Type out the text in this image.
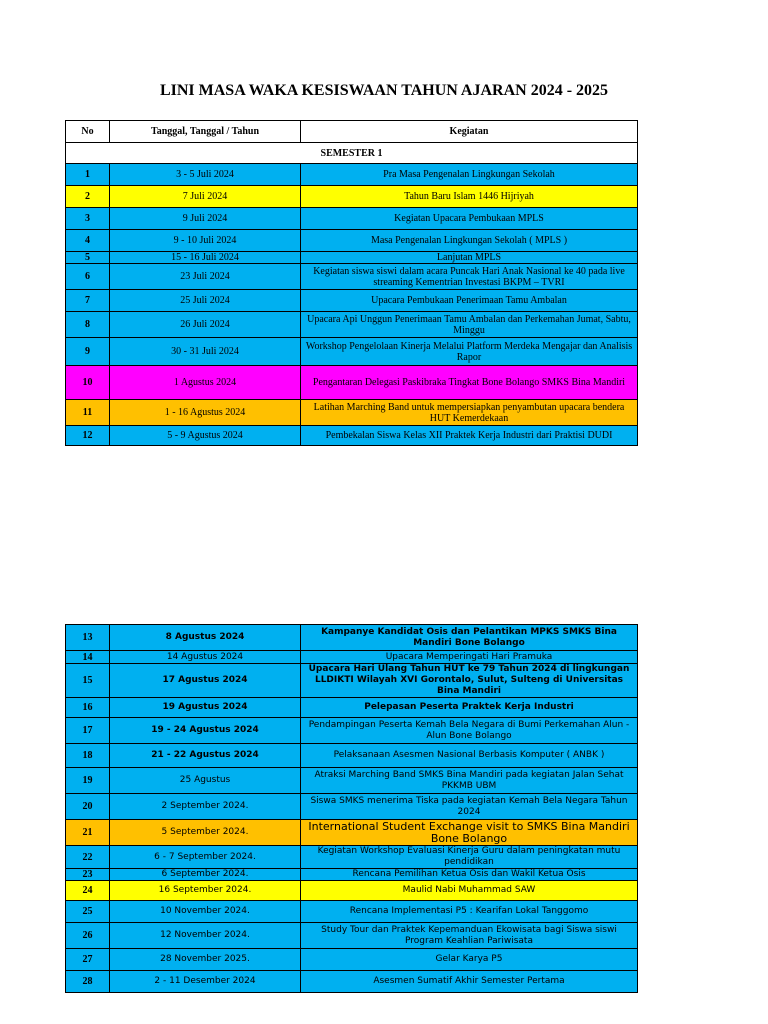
LINI MASA WAKA KESISWAAN TAHUN AJARAN 2024 - 2025
No	Tanggal, Tanggal / Tahun	Kegiatan
SEMESTER 1		
1	3 - 5 Juli 2024	Pra Masa Pengenalan Lingkungan Sekolah
2	7 Juli 2024	Tahun Baru Islam 1446 Hijriyah
3	9 Juli 2024	Kegiatan Upacara Pembukaan MPLS
4	9 - 10 Juli 2024	Masa Pengenalan Lingkungan Sekolah ( MPLS )
5	15 - 16 Juli 2024	Lanjutan MPLS
6	23 Juli 2024	Kegiatan siswa siswi dalam acara Puncak Hari Anak Nasional ke 40 pada live streaming Kementrian Investasi BKPM – TVRI
7	25 Juli 2024	Upacara Pembukaan Penerimaan Tamu Ambalan
8	26 Juli 2024	Upacara Api Unggun Penerimaan Tamu Ambalan dan Perkemahan Jumat, Sabtu, Minggu
9	30 - 31 Juli 2024	Workshop Pengelolaan Kinerja Melalui Platform Merdeka Mengajar dan Analisis Rapor
10	1 Agustus 2024	Pengantaran Delegasi Paskibraka Tingkat Bone Bolango SMKS Bina Mandiri
11	1 - 16 Agustus 2024	Latihan Marching Band untuk mempersiapkan penyambutan upacara bendera HUT Kemerdekaan
12	5 - 9 Agustus 2024	Pembekalan Siswa Kelas XII Praktek Kerja Industri dari Praktisi DUDI
13	8 Agustus 2024	Kampanye Kandidat Osis dan Pelantikan MPKS SMKS Bina Mandiri Bone Bolango
14	14 Agustus 2024	Upacara Memperingati Hari Pramuka
15	17 Agustus 2024	Upacara Hari Ulang Tahun HUT ke 79 Tahun 2024 di lingkungan LLDIKTI Wilayah XVI Gorontalo, Sulut, Sulteng di Universitas Bina Mandiri
16	19 Agustus 2024	Pelepasan Peserta Praktek Kerja Industri
17	19 - 24 Agustus 2024	Pendampingan Peserta Kemah Bela Negara di Bumi Perkemahan Alun - Alun Bone Bolango
18	21 - 22 Agustus 2024	Pelaksanaan Asesmen Nasional Berbasis Komputer ( ANBK )
19	25 Agustus	Atraksi Marching Band SMKS Bina Mandiri pada kegiatan Jalan Sehat PKKMB UBM
20	2 September 2024.	Siswa SMKS menerima Tiska pada kegiatan Kemah Bela Negara Tahun 2024
21	5 September 2024.	International Student Exchange visit to SMKS Bina Mandiri Bone Bolango
22	6 - 7 September 2024.	Kegiatan Workshop Evaluasi Kinerja Guru dalam peningkatan mutu pendidikan
23	6 September 2024.	Rencana Pemilihan Ketua Osis dan Wakil Ketua Osis
24	16 September 2024.	Maulid Nabi Muhammad SAW
25	10 November 2024.	Rencana Implementasi P5 : Kearifan Lokal Tanggomo
26	12 November 2024.	Study Tour dan Praktek Kepemanduan Ekowisata bagi Siswa siswi Program Keahlian Pariwisata
27	28 November 2025.	Gelar Karya P5
28	2 - 11 Desember 2024	Asesmen Sumatif Akhir Semester Pertama
